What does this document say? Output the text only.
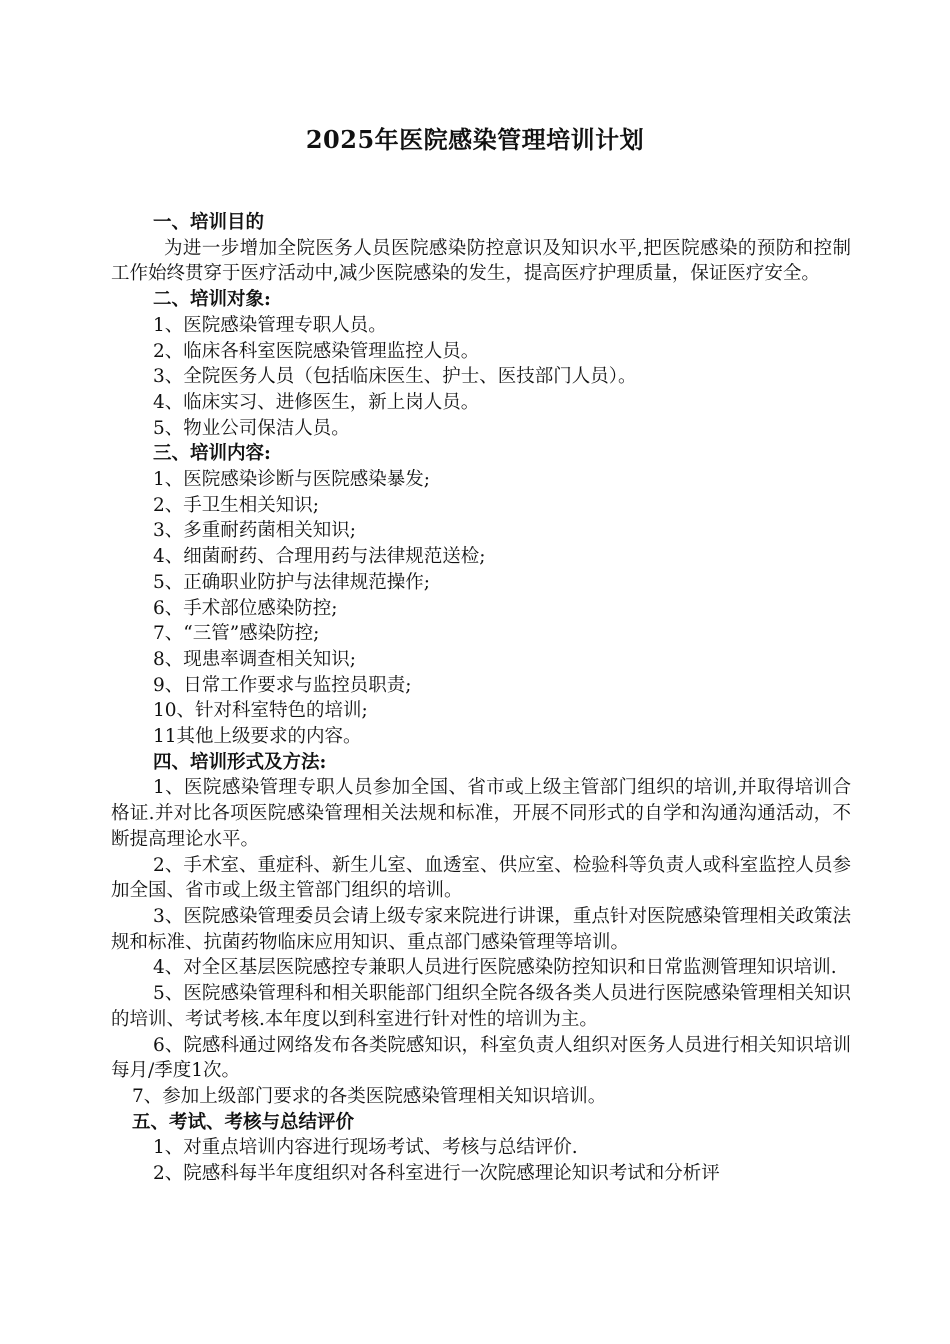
2025年医院感染管理培训计划
一、培训目的
为进一步增加全院医务人员医院感染防控意识及知识水平,把医院感染的预防和控制工作始终贯穿于医疗活动中,减少医院感染的发生，提高医疗护理质量，保证医疗安全。
二、培训对象:
1、医院感染管理专职人员。
2、临床各科室医院感染管理监控人员。
3、全院医务人员（包括临床医生、护士、医技部门人员）。
4、临床实习、进修医生，新上岗人员。
5、物业公司保洁人员。
三、培训内容:
1、医院感染诊断与医院感染暴发;
2、手卫生相关知识;
3、多重耐药菌相关知识;
4、细菌耐药、合理用药与法律规范送检;
5、正确职业防护与法律规范操作;
6、手术部位感染防控;
7、“三管”感染防控;
8、现患率调查相关知识;
9、日常工作要求与监控员职责;
10、针对科室特色的培训;
11其他上级要求的内容。
四、培训形式及方法:
1、医院感染管理专职人员参加全国、省市或上级主管部门组织的培训,并取得培训合格证.并对比各项医院感染管理相关法规和标准，开展不同形式的自学和沟通沟通活动，不断提高理论水平。
2、手术室、重症科、新生儿室、血透室、供应室、检验科等负责人或科室监控人员参加全国、省市或上级主管部门组织的培训。
3、医院感染管理委员会请上级专家来院进行讲课，重点针对医院感染管理相关政策法规和标准、抗菌药物临床应用知识、重点部门感染管理等培训。
4、对全区基层医院感控专兼职人员进行医院感染防控知识和日常监测管理知识培训.
5、医院感染管理科和相关职能部门组织全院各级各类人员进行医院感染管理相关知识的培训、考试考核.本年度以到科室进行针对性的培训为主。
6、院感科通过网络发布各类院感知识，科室负责人组织对医务人员进行相关知识培训每月/季度1次。
7、参加上级部门要求的各类医院感染管理相关知识培训。
五、考试、考核与总结评价
1、对重点培训内容进行现场考试、考核与总结评价.
2、院感科每半年度组织对各科室进行一次院感理论知识考试和分析评
